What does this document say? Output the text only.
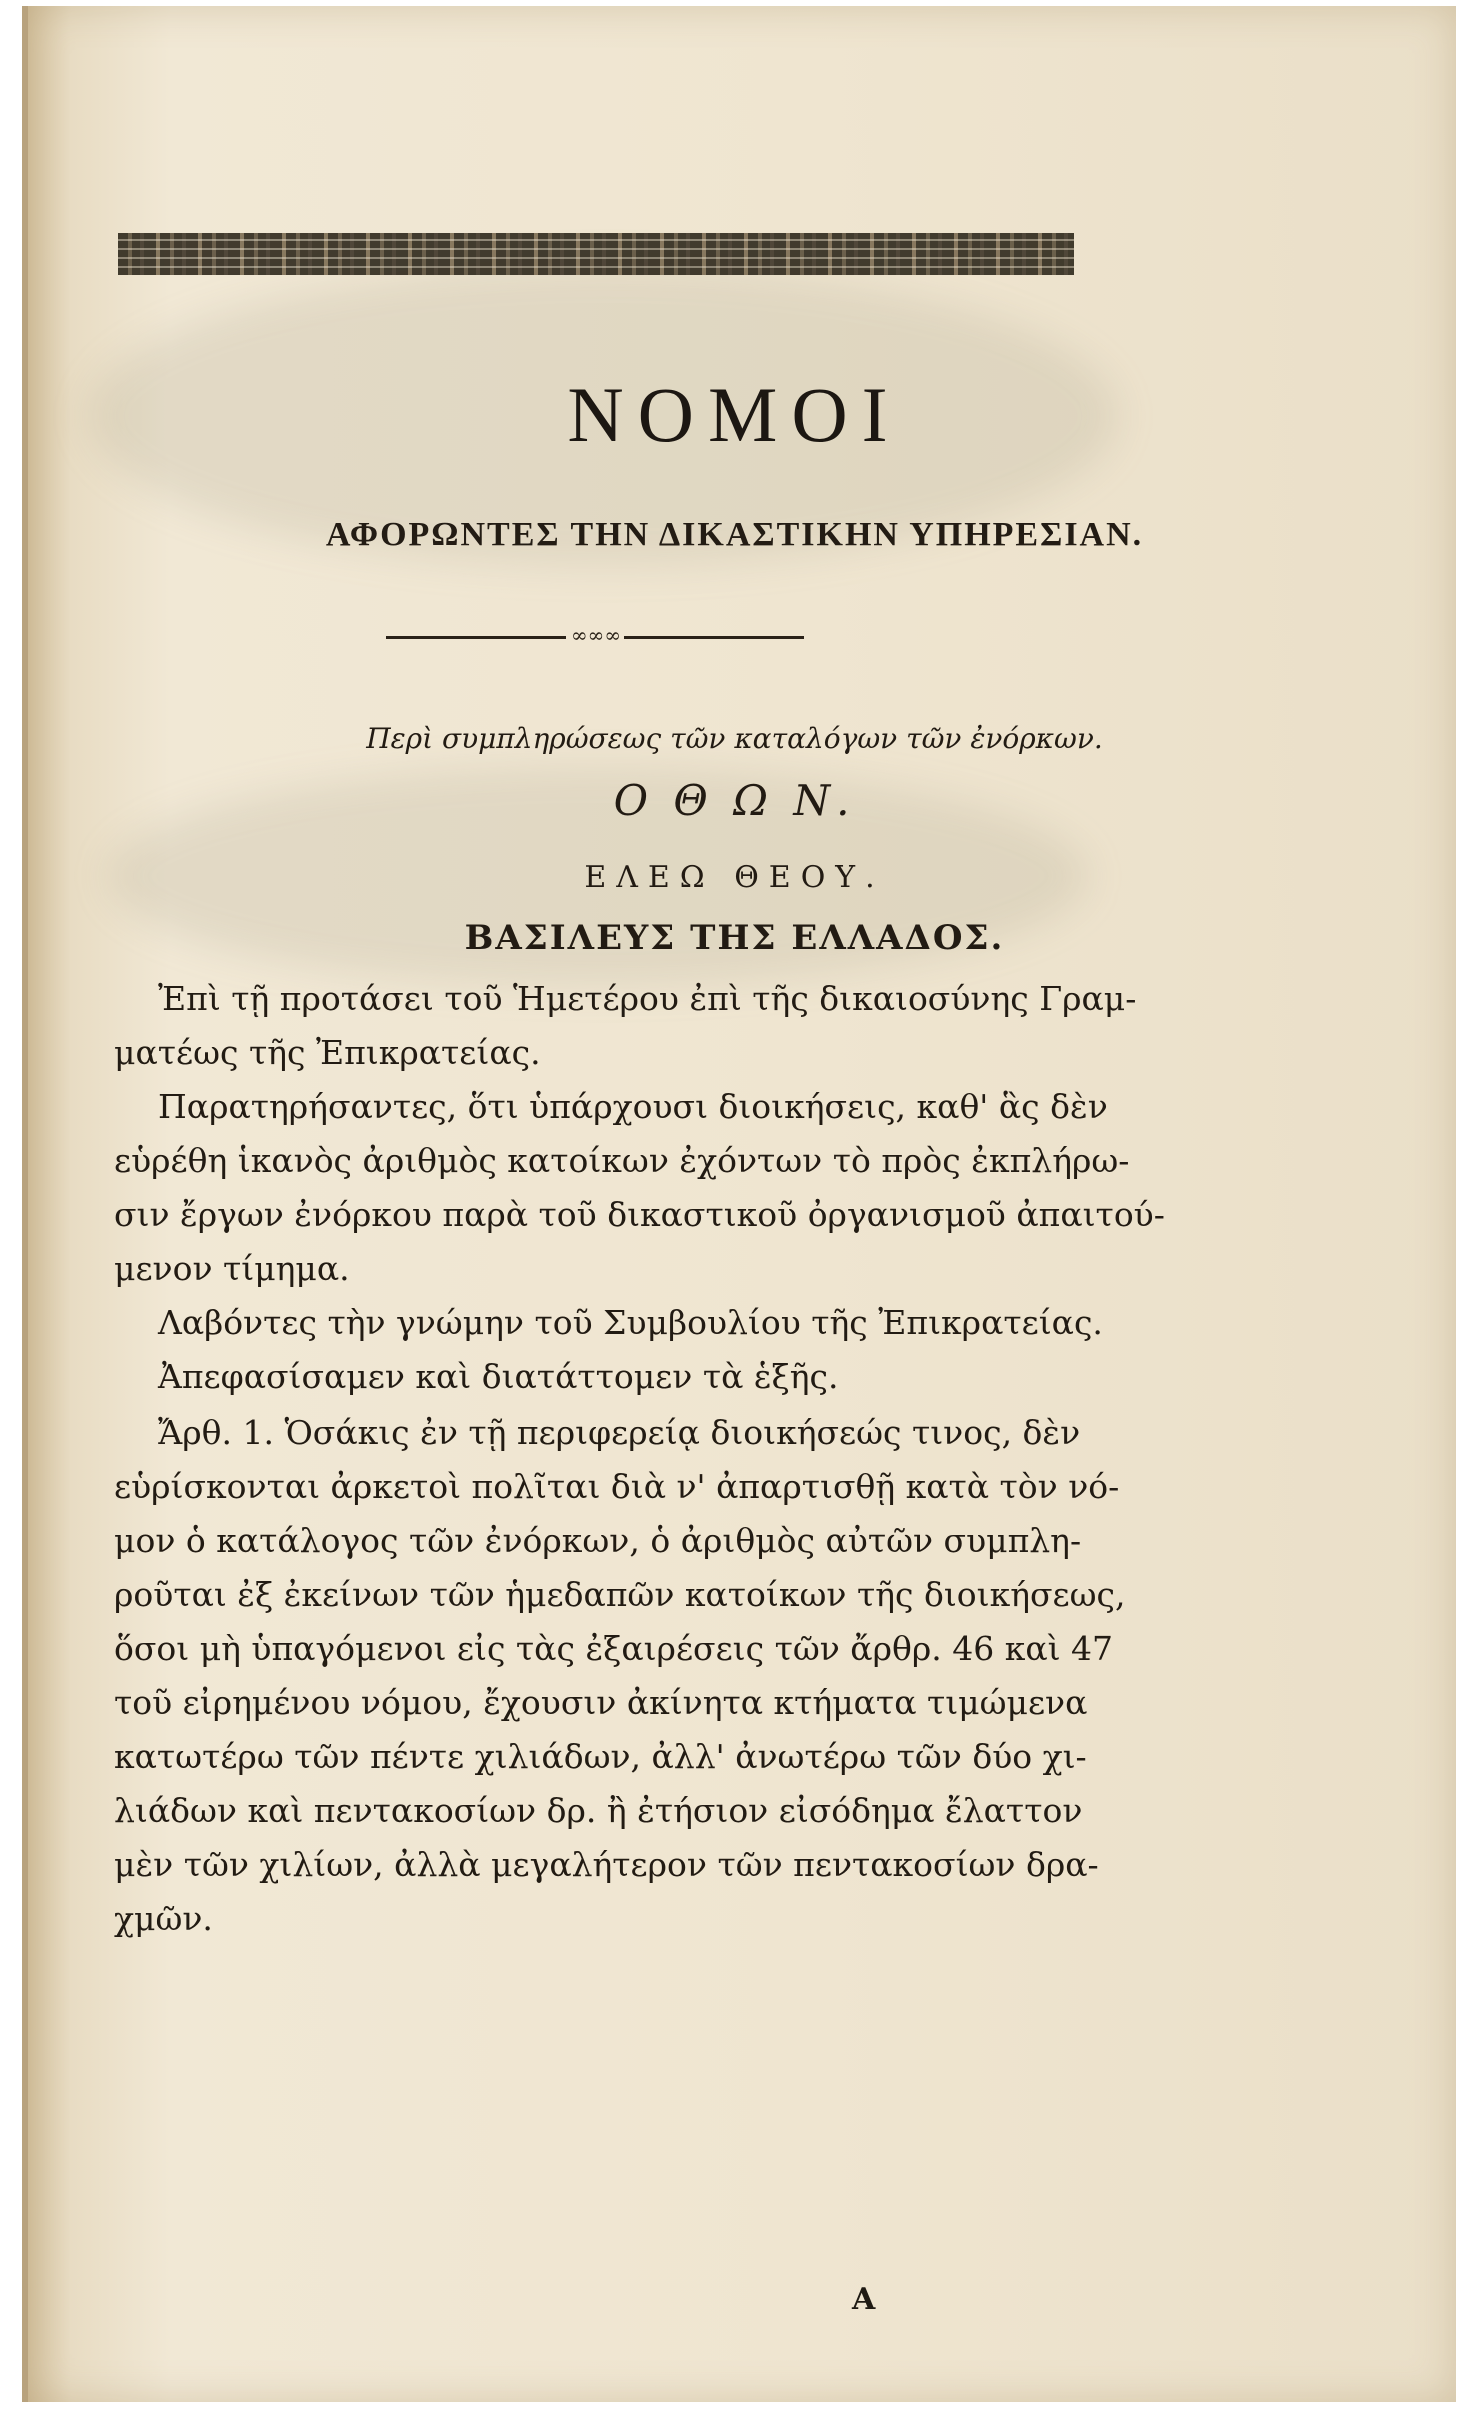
ΝΟΜΟΙ
ΑΦΟΡΩΝΤΕΣ ΤΗΝ ΔΙΚΑΣΤΙΚΗΝ ΥΠΗΡΕΣΙΑΝ.
∞∞∞
Περὶ συμπληρώσεως τῶν καταλόγων τῶν ἐνόρκων.
Ο Θ Ω Ν.
ΕΛΕΩ ΘΕΟΥ.
ΒΑΣΙΛΕΥΣ ΤΗΣ ΕΛΛΑΔΟΣ.
Ἐπὶ τῇ προτάσει τοῦ Ἡμετέρου ἐπὶ τῆς δικαιοσύνης Γραμ-
ματέως τῆς Ἐπικρατείας.
Παρατηρήσαντες, ὅτι ὑπάρχουσι διοικήσεις, καθ' ἃς δὲν
εὑρέθη ἱκανὸς ἀριθμὸς κατοίκων ἐχόντων τὸ πρὸς ἐκπλήρω-
σιν ἔργων ἐνόρκου παρὰ τοῦ δικαστικοῦ ὀργανισμοῦ ἀπαιτού-
μενον τίμημα.
Λαβόντες τὴν γνώμην τοῦ Συμβουλίου τῆς Ἐπικρατείας.
Ἀπεφασίσαμεν καὶ διατάττομεν τὰ ἑξῆς.
Ἄρθ. 1. Ὁσάκις ἐν τῇ περιφερείᾳ διοικήσεώς τινος, δὲν
εὑρίσκονται ἀρκετοὶ πολῖται διὰ ν' ἀπαρτισθῇ κατὰ τὸν νό-
μον ὁ κατάλογος τῶν ἐνόρκων, ὁ ἀριθμὸς αὐτῶν συμπλη-
ροῦται ἐξ ἐκείνων τῶν ἡμεδαπῶν κατοίκων τῆς διοικήσεως,
ὅσοι μὴ ὑπαγόμενοι εἰς τὰς ἐξαιρέσεις τῶν ἄρθρ. 46 καὶ 47
τοῦ εἰρημένου νόμου, ἔχουσιν ἀκίνητα κτήματα τιμώμενα
κατωτέρω τῶν πέντε χιλιάδων, ἀλλ' ἀνωτέρω τῶν δύο χι-
λιάδων καὶ πεντακοσίων δρ. ἢ ἐτήσιον εἰσόδημα ἔλαττον
μὲν τῶν χιλίων, ἀλλὰ μεγαλήτερον τῶν πεντακοσίων δρα-
χμῶν.
Α
